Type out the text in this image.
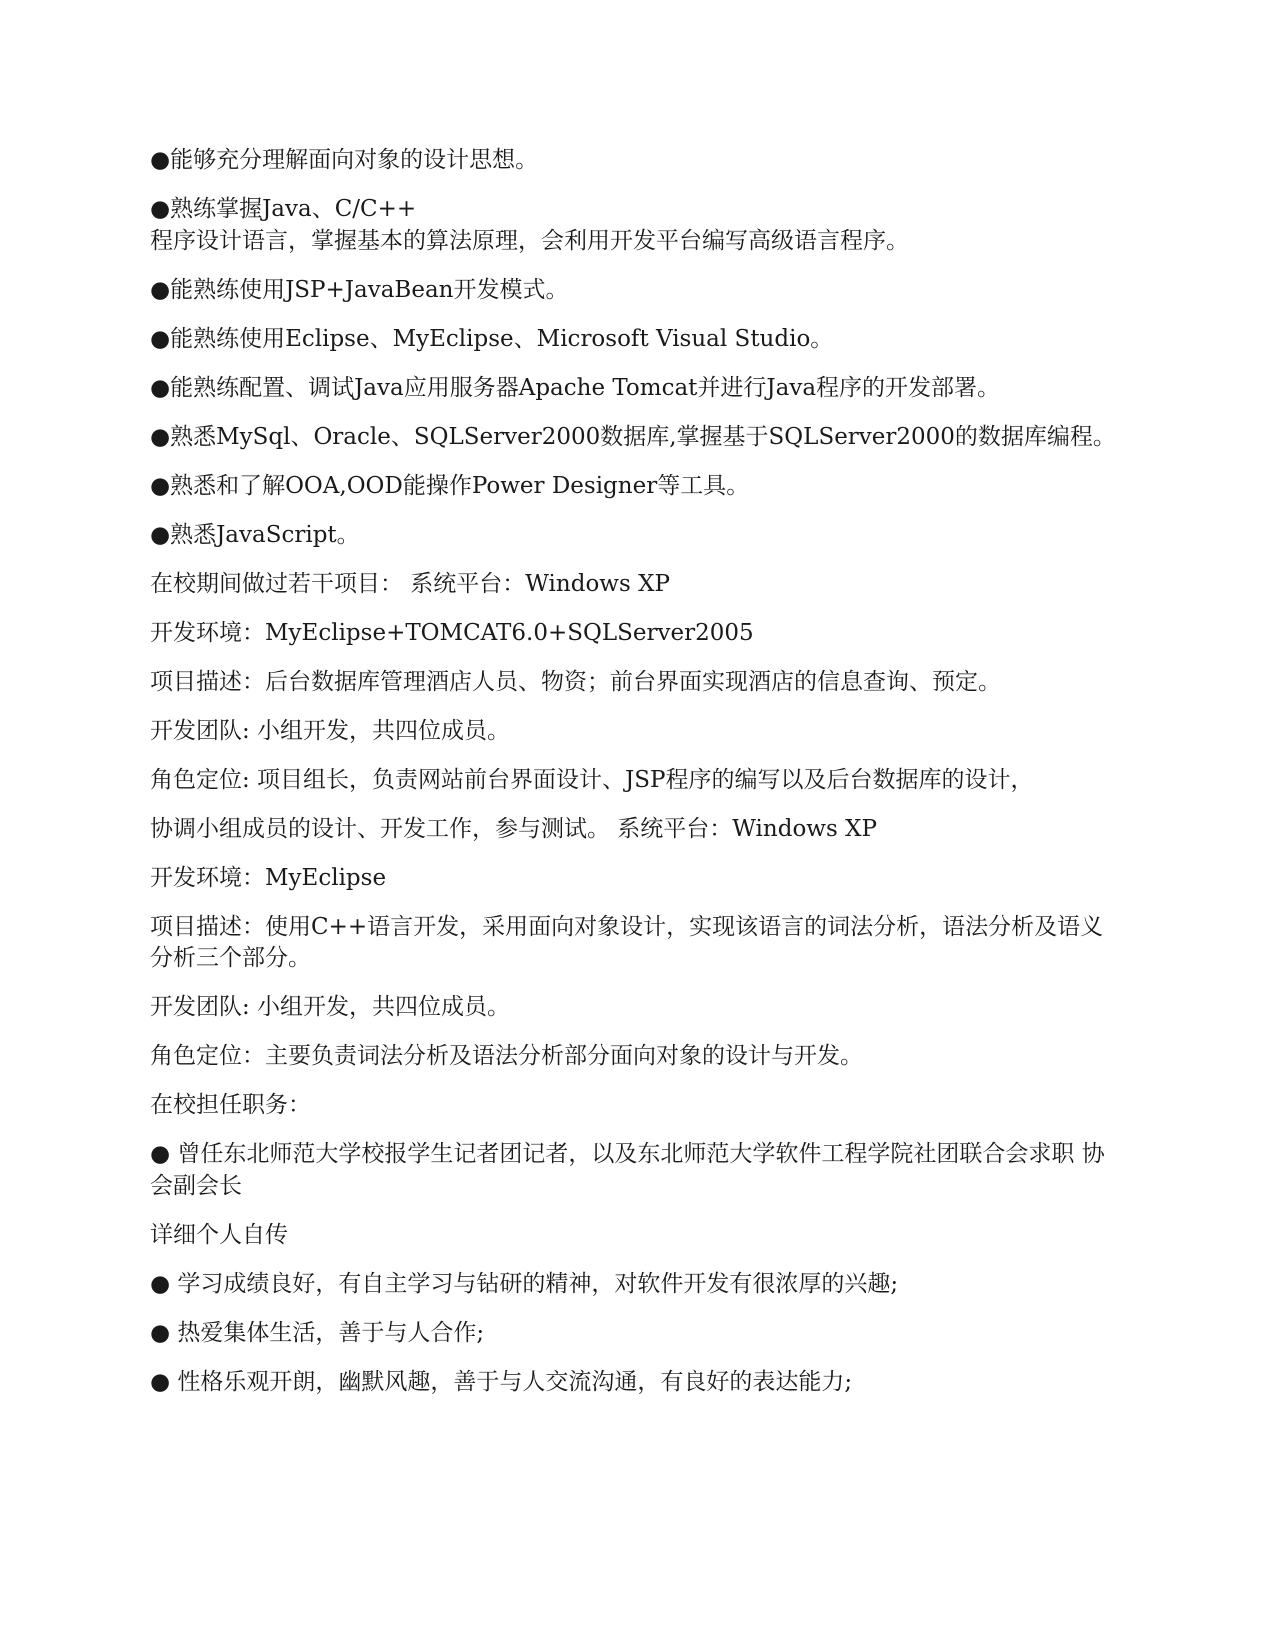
●能够充分理解面向对象的设计思想。

●熟练掌握Java、C/C++
程序设计语言，掌握基本的算法原理，会利用开发平台编写高级语言程序。

●能熟练使用JSP+JavaBean开发模式。

●能熟练使用Eclipse、MyEclipse、Microsoft Visual Studio。

●能熟练配置、调试Java应用服务器Apache Tomcat并进行Java程序的开发部署。

●熟悉MySql、Oracle、SQLServer2000数据库,掌握基于SQLServer2000的数据库编程。

●熟悉和了解OOA,OOD能操作Power Designer等工具。

●熟悉JavaScript。

在校期间做过若干项目： 系统平台：Windows XP

开发环境：MyEclipse+TOMCAT6.0+SQLServer2005

项目描述：后台数据库管理酒店人员、物资；前台界面实现酒店的信息查询、预定。

开发团队: 小组开发，共四位成员。

角色定位: 项目组长，负责网站前台界面设计、JSP程序的编写以及后台数据库的设计，

协调小组成员的设计、开发工作，参与测试。 系统平台：Windows XP

开发环境：MyEclipse

项目描述：使用C++语言开发，采用面向对象设计，实现该语言的词法分析，语法分析及语义分析三个部分。

开发团队: 小组开发，共四位成员。

角色定位：主要负责词法分析及语法分析部分面向对象的设计与开发。

在校担任职务：

● 曾任东北师范大学校报学生记者团记者，以及东北师范大学软件工程学院社团联合会求职 协会副会长

详细个人自传

● 学习成绩良好，有自主学习与钻研的精神，对软件开发有很浓厚的兴趣;

● 热爱集体生活，善于与人合作;

● 性格乐观开朗，幽默风趣，善于与人交流沟通，有良好的表达能力;
